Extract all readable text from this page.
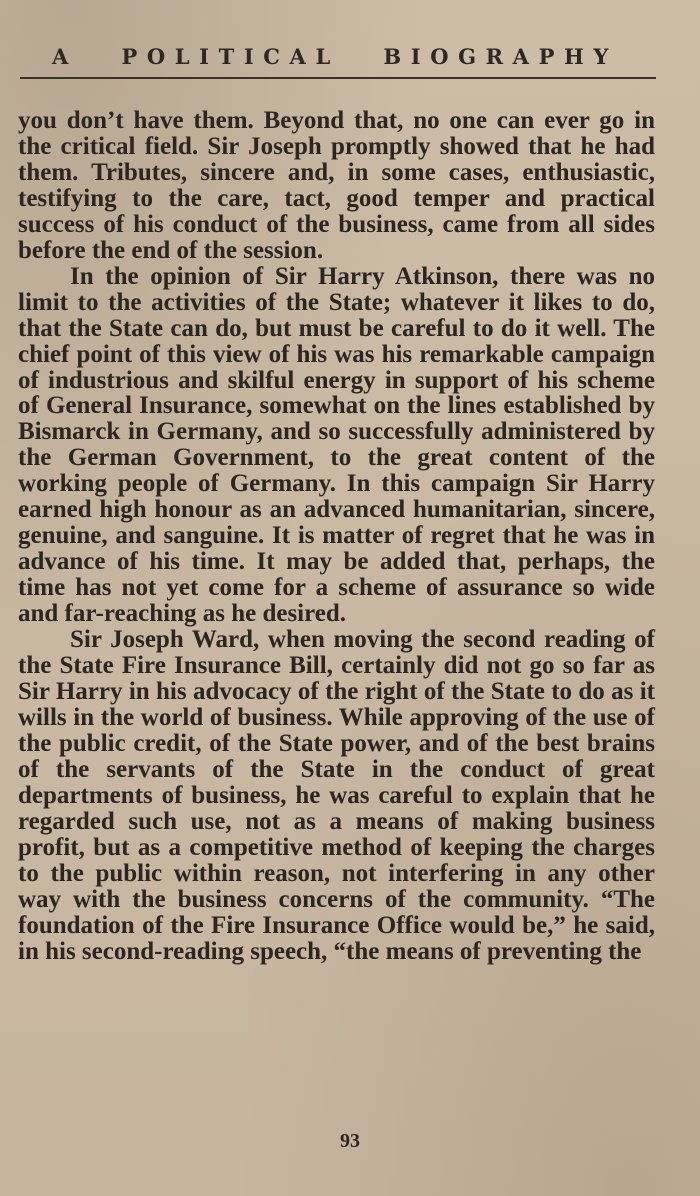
A POLITICAL BIOGRAPHY

you don’t have them. Beyond that, no one can ever go in the critical field. Sir Joseph promptly showed that he had them. Tributes, sincere and, in some cases, enthusiastic, testifying to the care, tact, good temper and practical success of his conduct of the business, came from all sides before the end of the session.

In the opinion of Sir Harry Atkinson, there was no limit to the activities of the State; whatever it likes to do, that the State can do, but must be careful to do it well. The chief point of this view of his was his remarkable campaign of industrious and skilful energy in support of his scheme of General Insurance, somewhat on the lines established by Bismarck in Germany, and so successfully administered by the German Government, to the great content of the working people of Germany. In this campaign Sir Harry earned high honour as an advanced humanitarian, sincere, genuine, and sanguine. It is matter of regret that he was in advance of his time. It may be added that, perhaps, the time has not yet come for a scheme of assurance so wide and far-reaching as he desired.

Sir Joseph Ward, when moving the second reading of the State Fire Insurance Bill, certainly did not go so far as Sir Harry in his advocacy of the right of the State to do as it wills in the world of business. While approving of the use of the public credit, of the State power, and of the best brains of the servants of the State in the conduct of great departments of business, he was careful to explain that he regarded such use, not as a means of making business profit, but as a competitive method of keeping the charges to the public within reason, not interfering in any other way with the business concerns of the community. “The foundation of the Fire Insurance Office would be,” he said, in his second-reading speech, “the means of preventing the

93
